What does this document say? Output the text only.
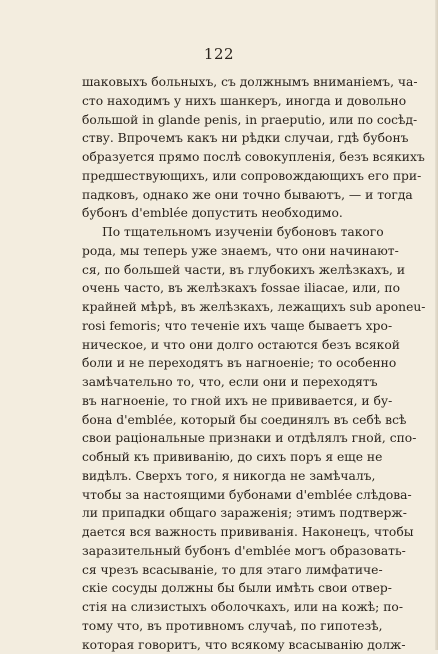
122
шаковыхъ больныхъ, съ должнымъ вниманіемъ, ча-
сто находимъ у нихъ шанкеръ, иногда и довольно
большой in glande penis, in praeputio, или по сосѣд-
ству. Впрочемъ какъ ни рѣдки случаи, гдѣ бубонъ
образуется прямо послѣ совокупленія, безъ всякихъ
предшествующихъ, или сопровождающихъ его при-
падковъ, однако же они точно бываютъ, — и тогда
бубонъ d'emblée допустить необходимо.
По тщательномъ изученіи бубоновъ такого
рода, мы теперь уже знаемъ, что они начинают-
ся, по большей части, въ глубокихъ желѣзкахъ, и
очень часто, въ желѣзкахъ fossae iliacae, или, по
крайней мѣрѣ, въ желѣзкахъ, лежащихъ sub aponeu-
rosi femoris; что теченіе ихъ чаще бываетъ хро-
ническое, и что они долго остаются безъ всякой
боли и не переходятъ въ нагноеніе; то особенно
замѣчательно то, что, если они и переходятъ
въ нагноеніе, то гной ихъ не прививается, и бу-
бона d'emblée, который бы соединялъ въ себѣ всѣ
свои раціональные признаки и отдѣлялъ гной, спо-
собный къ прививанію, до сихъ поръ я еще не
видѣлъ. Сверхъ того, я никогда не замѣчалъ,
чтобы за настоящими бубонами d'emblée слѣдова-
ли припадки общаго зараженія; этимъ подтверж-
дается вся важность прививанія. Наконецъ, чтобы
заразительный бубонъ d'emblée могъ образовать-
ся чрезъ всасываніе, то для этаго лимфатиче-
скіе сосуды должны бы были имѣть свои отвер-
стія на слизистыхъ оболочкахъ, или на кожѣ; по-
тому что, въ противномъ случаѣ, по гипотезѣ,
которая говоритъ, что всякому всасыванію долж-
